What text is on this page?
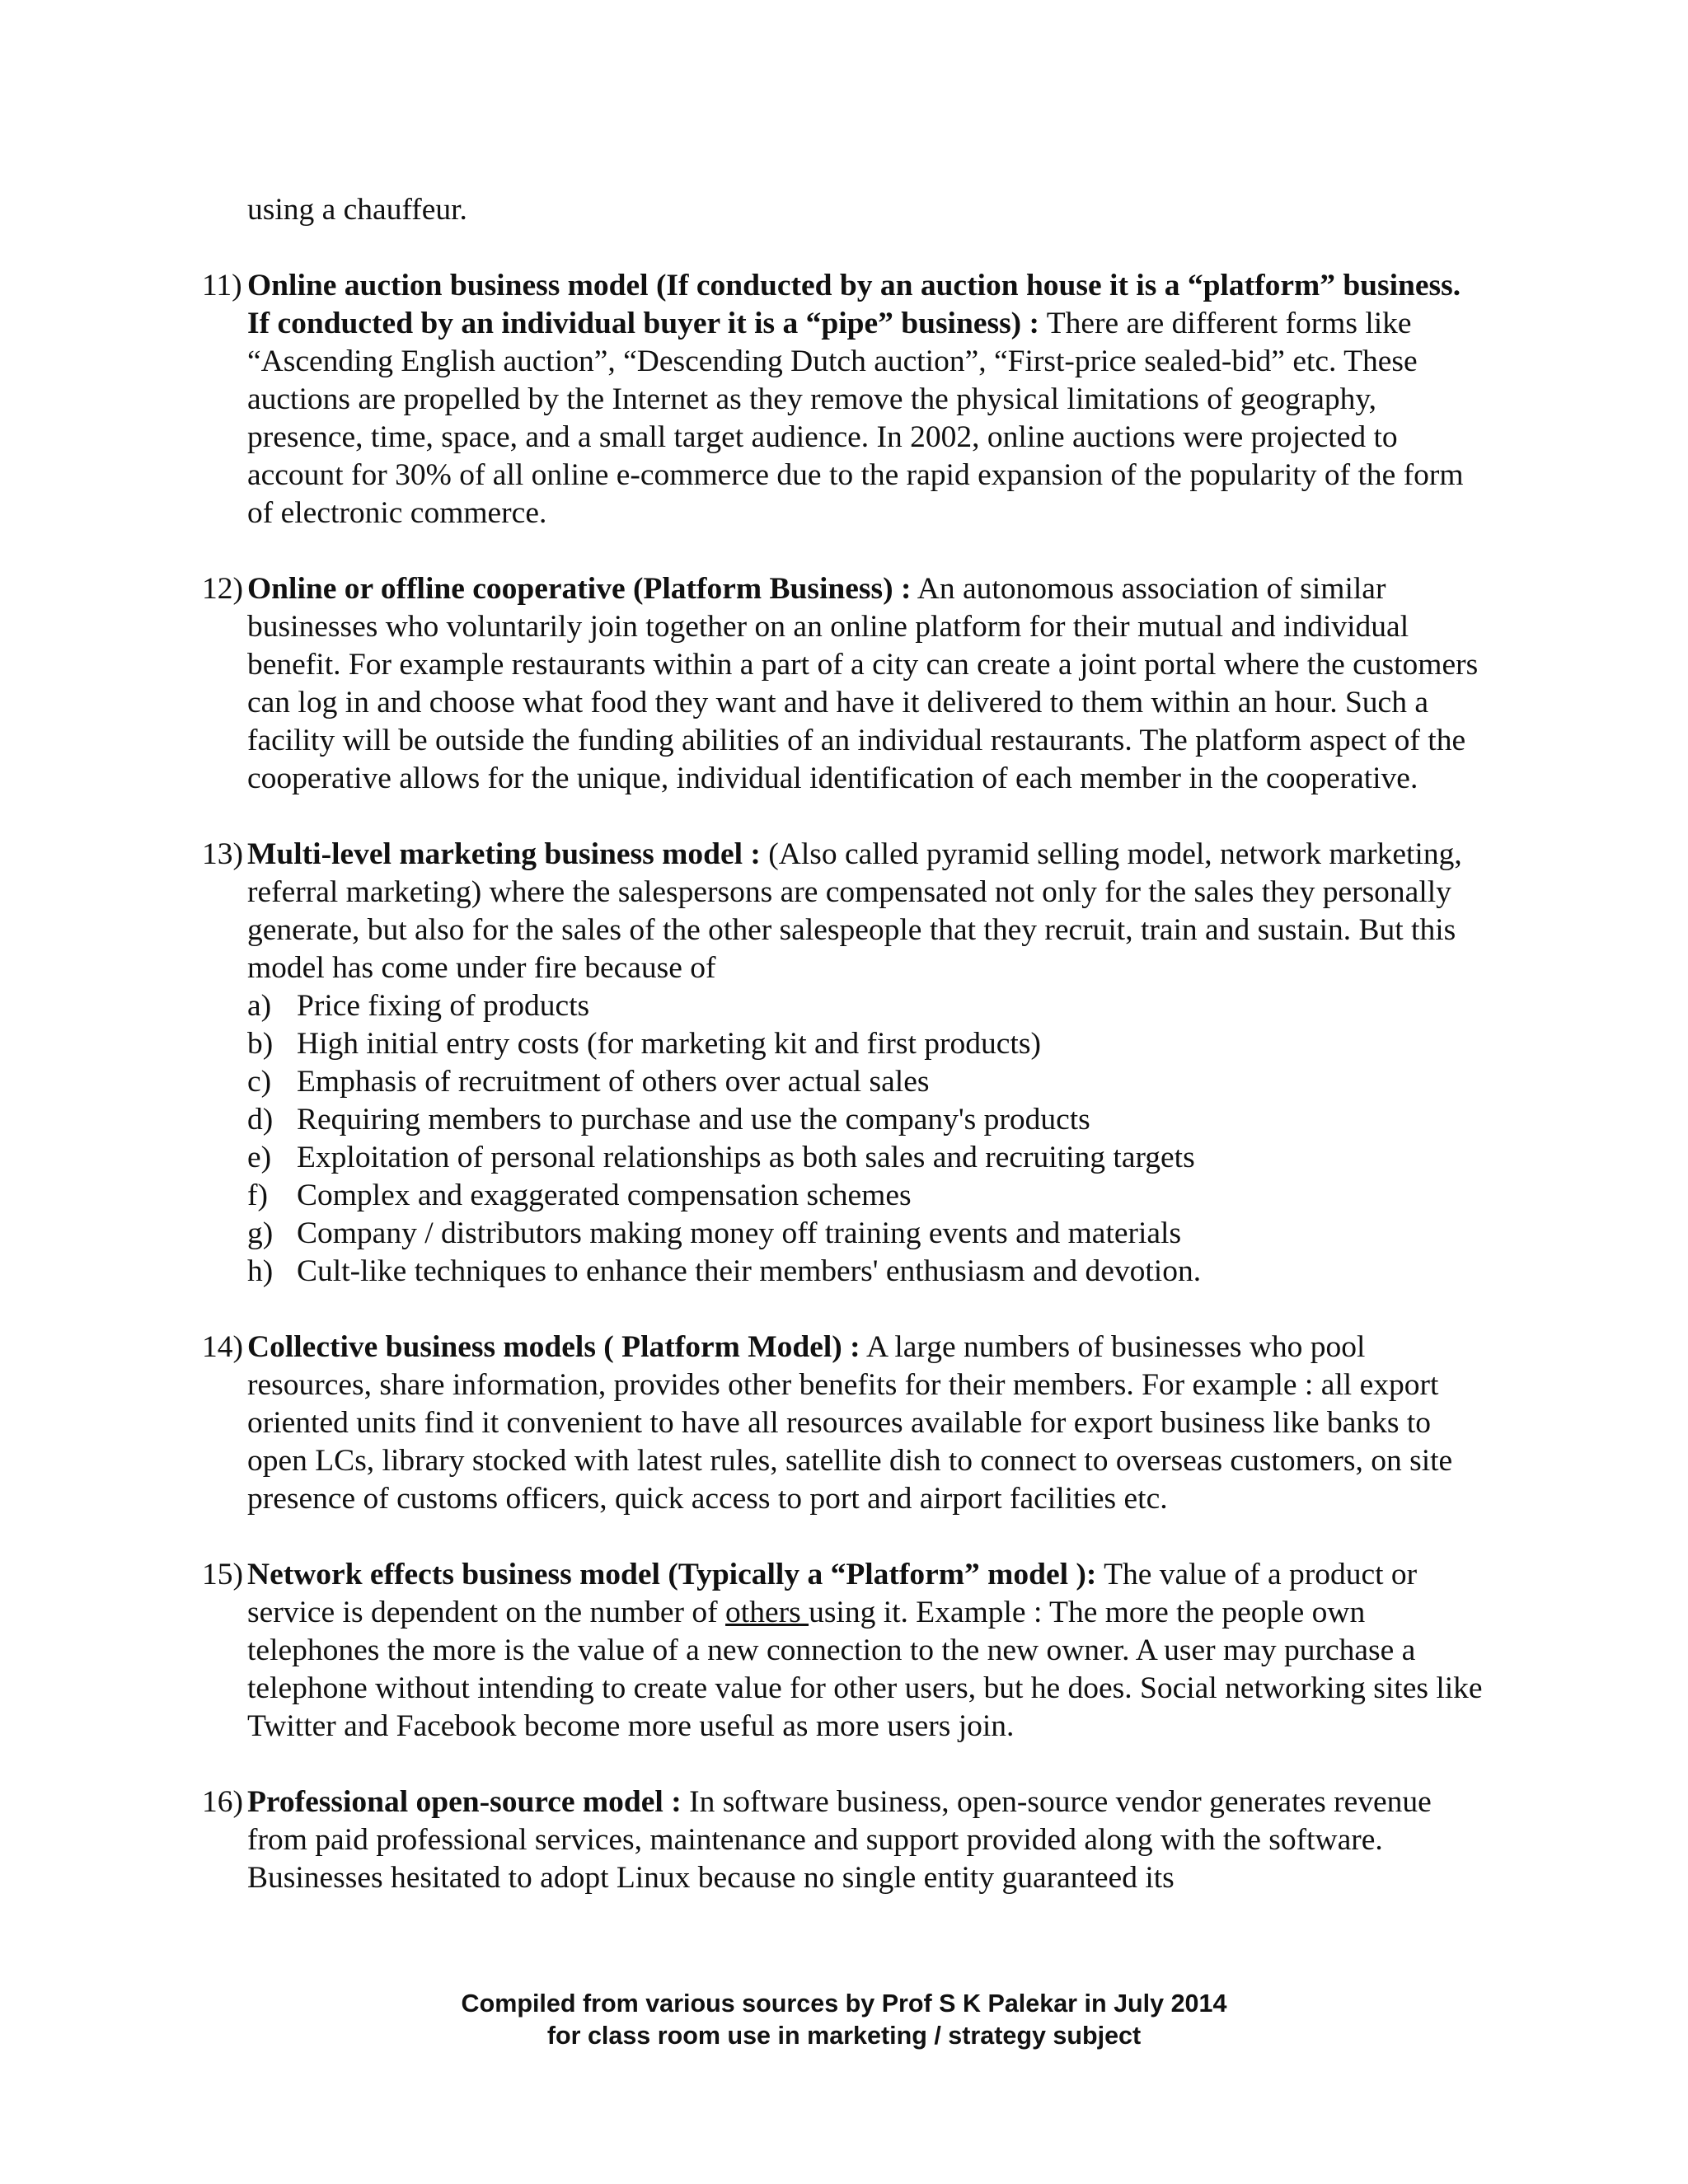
using a chauffeur.
11) Online auction business model (If conducted by an auction house it is a “platform” business. If conducted by an individual buyer it is a “pipe” business) : There are different forms like “Ascending English auction”, “Descending Dutch auction”, “First-price sealed-bid” etc. These auctions are propelled by the Internet as they remove the physical limitations of geography, presence, time, space, and a small target audience. In 2002, online auctions were projected to account for 30% of all online e-commerce due to the rapid expansion of the popularity of the form of electronic commerce.
12) Online or offline cooperative (Platform Business) : An autonomous association of similar businesses who voluntarily join together on an online platform for their mutual and individual benefit. For example restaurants within a part of a city can create a joint portal where the customers can log in and choose what food they want and have it delivered to them within an hour. Such a facility will be outside the funding abilities of an individual restaurants. The platform aspect of the cooperative allows for the unique, individual identification of each member in the cooperative.
13) Multi-level marketing business model : (Also called pyramid selling model, network marketing, referral marketing) where the salespersons are compensated not only for the sales they personally generate, but also for the sales of the other salespeople that they recruit, train and sustain. But this model has come under fire because of
a) Price fixing of products
b) High initial entry costs (for marketing kit and first products)
c) Emphasis of recruitment of others over actual sales
d) Requiring members to purchase and use the company's products
e) Exploitation of personal relationships as both sales and recruiting targets
f) Complex and exaggerated compensation schemes
g) Company / distributors making money off training events and materials
h) Cult-like techniques to enhance their members' enthusiasm and devotion.
14) Collective business models ( Platform Model) : A large numbers of businesses who pool resources, share information, provides other benefits for their members. For example : all export oriented units find it convenient to have all resources available for export business like banks to open LCs, library stocked with latest rules, satellite dish to connect to overseas customers, on site presence of customs officers, quick access to port and airport facilities etc.
15) Network effects business model (Typically a “Platform” model ): The value of a product or service is dependent on the number of others using it. Example : The more the people own telephones the more is the value of a new connection to the new owner. A user may purchase a telephone without intending to create value for other users, but he does. Social networking sites like Twitter and Facebook become more useful as more users join.
16) Professional open-source model : In software business, open-source vendor generates revenue from paid professional services, maintenance and support provided along with the software. Businesses hesitated to adopt Linux because no single entity guaranteed its
Compiled from various sources by Prof S K Palekar in July 2014
for class room use in marketing / strategy subject
